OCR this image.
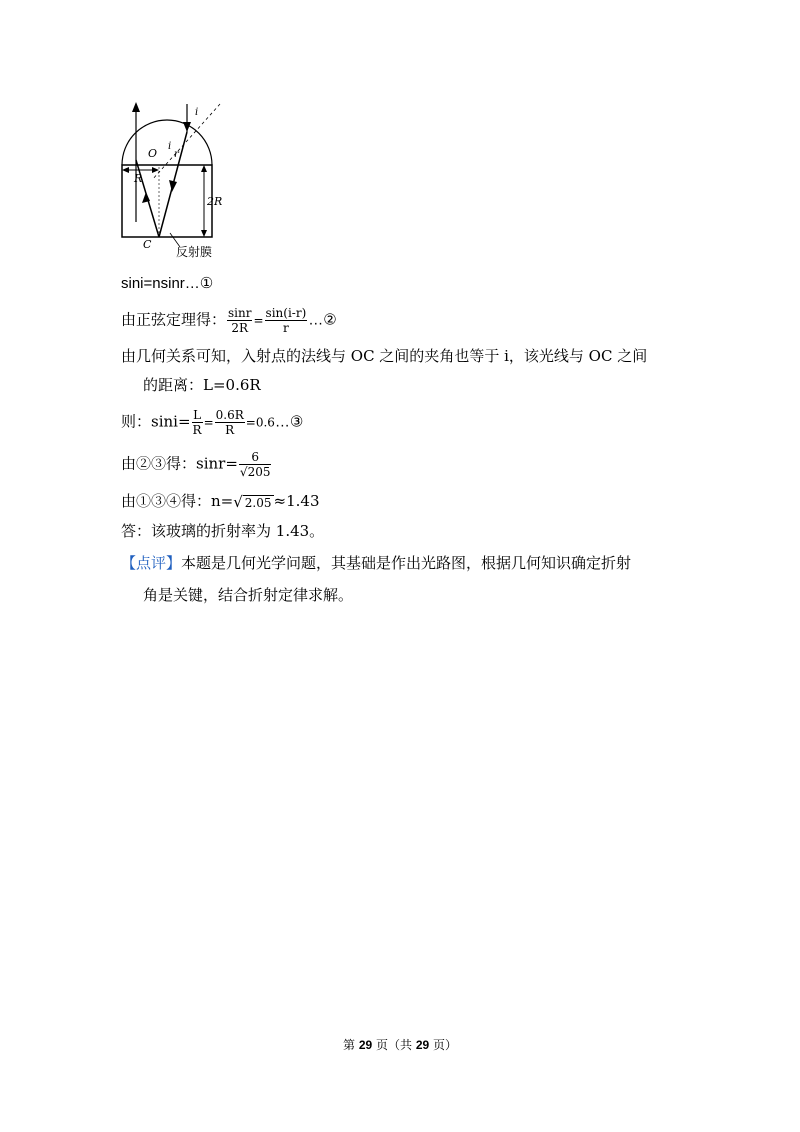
i
O
i
r
R
2R
C
反射膜
sini=nsinr…①
由正弦定理得： $\frac{\sin r}{2R} = \frac{\sin(i-r)}{r}$ …②
由几何关系可知，入射点的法线与 OC 之间的夹角也等于 i，该光线与 OC 之间
的距离：L=0.6R
则：$\sin i= \frac{L}{R} = \frac{0.6R}{R}$ =0.6…③
由②③得：$\sin r= \frac{6}{√205}$
由①③④得：n=√ 2.05 ≈1.43
答：该玻璃的折射率为 1.43。
【点评】本题是几何光学问题，其基础是作出光路图，根据几何知识确定折射
角是关键，结合折射定律求解。
第 29 页（共 29 页）
